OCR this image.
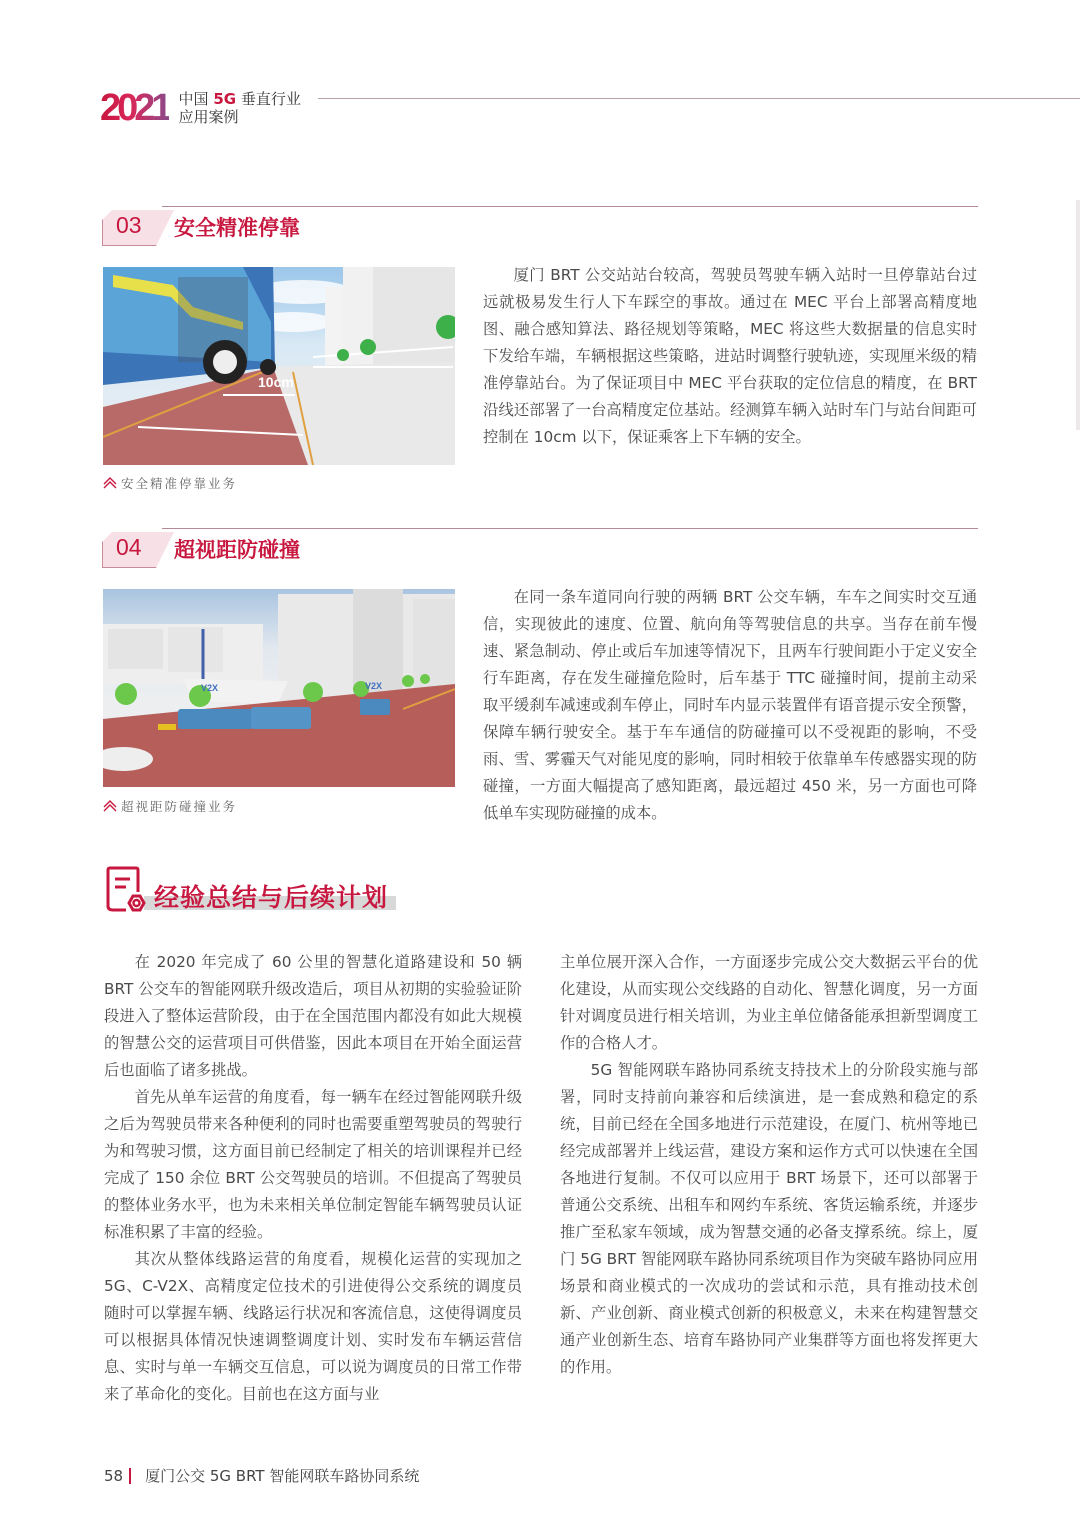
2021 中国 5G 垂直行业
应用案例
03 安全精准停靠
10cm
安全精准停靠业务

厦门 BRT 公交站站台较高，驾驶员驾驶车辆入站时一旦停靠站台过远就极易发生行人下车踩空的事故。通过在 MEC 平台上部署高精度地图、融合感知算法、路径规划等策略，MEC 将这些大数据量的信息实时下发给车端，车辆根据这些策略，进站时调整行驶轨迹，实现厘米级的精准停靠站台。为了保证项目中 MEC 平台获取的定位信息的精度，在 BRT 沿线还部署了一台高精度定位基站。经测算车辆入站时车门与站台间距可控制在 10cm 以下，保证乘客上下车辆的安全。

04 超视距防碰撞
V2X	V2X
超视距防碰撞业务

在同一条车道同向行驶的两辆 BRT 公交车辆，车车之间实时交互通信，实现彼此的速度、位置、航向角等驾驶信息的共享。当存在前车慢速、紧急制动、停止或后车加速等情况下，且两车行驶间距小于定义安全行车距离，存在发生碰撞危险时，后车基于 TTC 碰撞时间，提前主动采取平缓刹车减速或刹车停止，同时车内显示装置伴有语音提示安全预警，保障车辆行驶安全。基于车车通信的防碰撞可以不受视距的影响，不受雨、雪、雾霾天气对能见度的影响，同时相较于依靠单车传感器实现的防碰撞，一方面大幅提高了感知距离，最远超过 450 米，另一方面也可降低单车实现防碰撞的成本。

经验总结与后续计划

在 2020 年完成了 60 公里的智慧化道路建设和 50 辆 BRT 公交车的智能网联升级改造后，项目从初期的实验验证阶段进入了整体运营阶段，由于在全国范围内都没有如此大规模的智慧公交的运营项目可供借鉴，因此本项目在开始全面运营后也面临了诸多挑战。

首先从单车运营的角度看，每一辆车在经过智能网联升级之后为驾驶员带来各种便利的同时也需要重塑驾驶员的驾驶行为和驾驶习惯，这方面目前已经制定了相关的培训课程并已经完成了 150 余位 BRT 公交驾驶员的培训。不但提高了驾驶员的整体业务水平，也为未来相关单位制定智能车辆驾驶员认证标准积累了丰富的经验。

其次从整体线路运营的角度看，规模化运营的实现加之 5G、C-V2X、高精度定位技术的引进使得公交系统的调度员随时可以掌握车辆、线路运行状况和客流信息，这使得调度员可以根据具体情况快速调整调度计划、实时发布车辆运营信息、实时与单一车辆交互信息，可以说为调度员的日常工作带来了革命化的变化。目前也在这方面与业

主单位展开深入合作，一方面逐步完成公交大数据云平台的优化建设，从而实现公交线路的自动化、智慧化调度，另一方面针对调度员进行相关培训，为业主单位储备能承担新型调度工作的合格人才。

5G 智能网联车路协同系统支持技术上的分阶段实施与部署，同时支持前向兼容和后续演进，是一套成熟和稳定的系统，目前已经在全国多地进行示范建设，在厦门、杭州等地已经完成部署并上线运营，建设方案和运作方式可以快速在全国各地进行复制。不仅可以应用于 BRT 场景下，还可以部署于普通公交系统、出租车和网约车系统、客货运输系统，并逐步推广至私家车领域，成为智慧交通的必备支撑系统。综上，厦门 5G BRT 智能网联车路协同系统项目作为突破车路协同应用场景和商业模式的一次成功的尝试和示范，具有推动技术创新、产业创新、商业模式创新的积极意义，未来在构建智慧交通产业创新生态、培育车路协同产业集群等方面也将发挥更大的作用。

58 厦门公交 5G BRT 智能网联车路协同系统
